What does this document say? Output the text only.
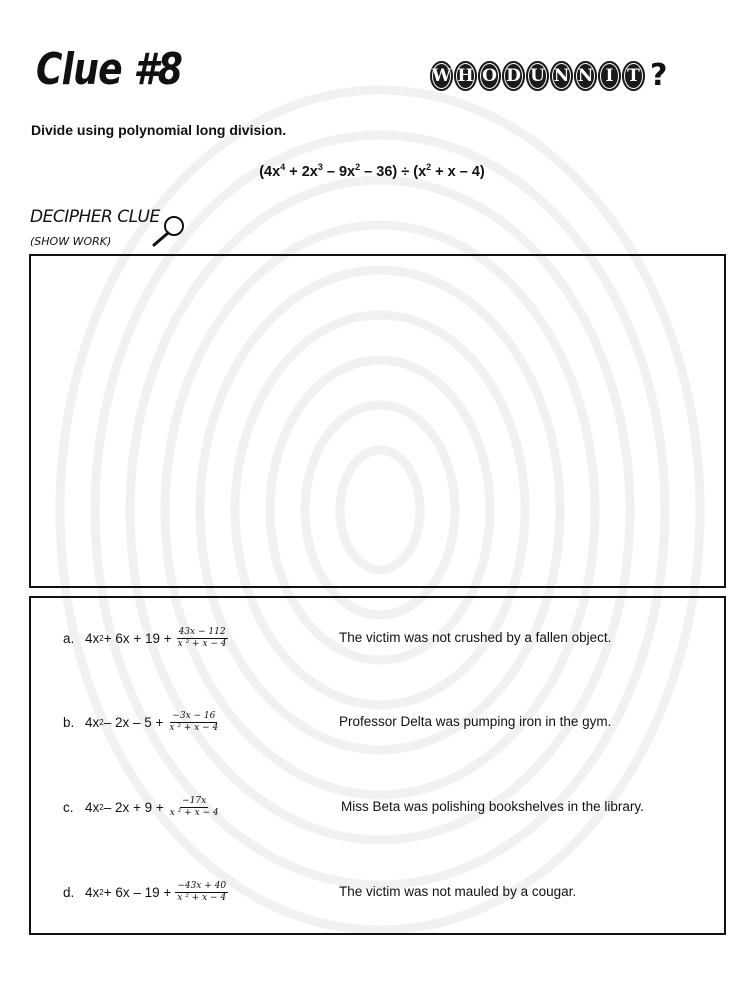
Clue #8	W H O D U N N I T ?
Divide using polynomial long division.
$(4x^4 + 2x^3 - 9x^2 - 36) \div (x^2 + x - 4)$
DECIPHER CLUE
(SHOW WORK)
a. 4x $2 + 6x + 19 + \frac{43x - 112}{\text{x ² + x − 4}}$	The victim was not crushed by a fallen object.
b. 4x $2 - 2x - 5 + \frac{-3x - 16}{\text{x ² + x − 4}}$	Professor Delta was pumping iron in the gym.
c. 4x $2 - 2x + 9 + \frac{-17x}{\text{x ² + x − 4}}$	Miss Beta was polishing bookshelves in the library.
d. 4x $2 + 6x - 19 + \frac{-43x + 40}{\text{x ² + x − 4}}$	The victim was not mauled by a cougar.
